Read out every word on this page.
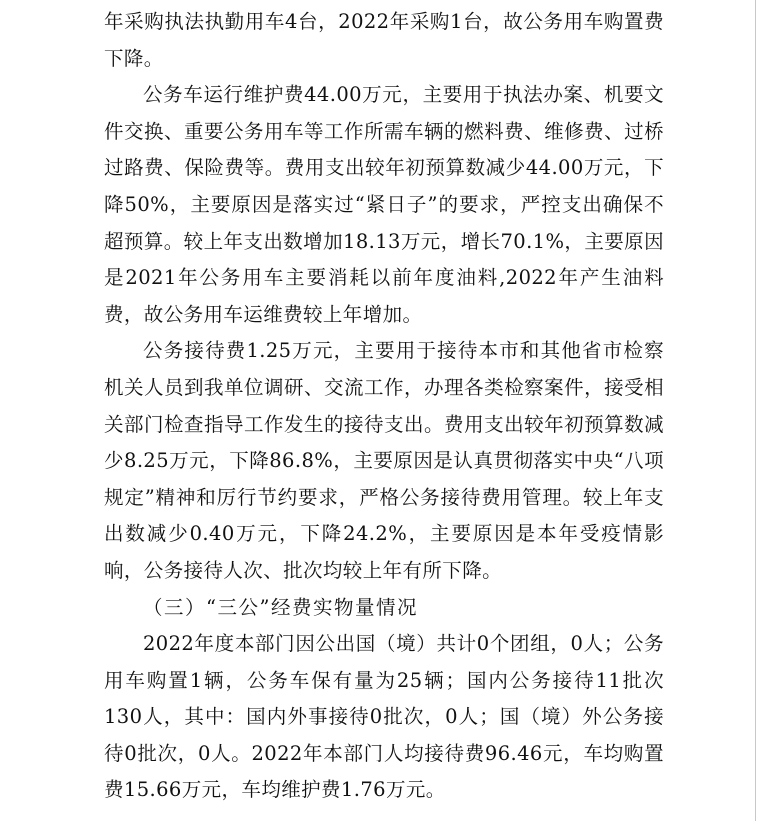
年采购执法执勤用车4台，2022年采购1台，故公务用车购置费下降。

公务车运行维护费44.00万元，主要用于执法办案、机要文件交换、重要公务用车等工作所需车辆的燃料费、维修费、过桥过路费、保险费等。费用支出较年初预算数减少44.00万元，下降50%，主要原因是落实过“紧日子”的要求，严控支出确保不超预算。较上年支出数增加18.13万元，增长70.1%，主要原因是2021年公务用车主要消耗以前年度油料,2022年产生油料费，故公务用车运维费较上年增加。

公务接待费1.25万元，主要用于接待本市和其他省市检察机关人员到我单位调研、交流工作，办理各类检察案件，接受相关部门检查指导工作发生的接待支出。费用支出较年初预算数减少8.25万元，下降86.8%，主要原因是认真贯彻落实中央“八项规定”精神和厉行节约要求，严格公务接待费用管理。较上年支出数减少0.40万元，下降24.2%，主要原因是本年受疫情影响，公务接待人次、批次均较上年有所下降。

（三）“三公”经费实物量情况

2022年度本部门因公出国（境）共计0个团组，0人；公务用车购置1辆，公务车保有量为25辆；国内公务接待11批次130人，其中：国内外事接待0批次，0人；国（境）外公务接待0批次，0人。2022年本部门人均接待费96.46元，车均购置费15.66万元，车均维护费1.76万元。
